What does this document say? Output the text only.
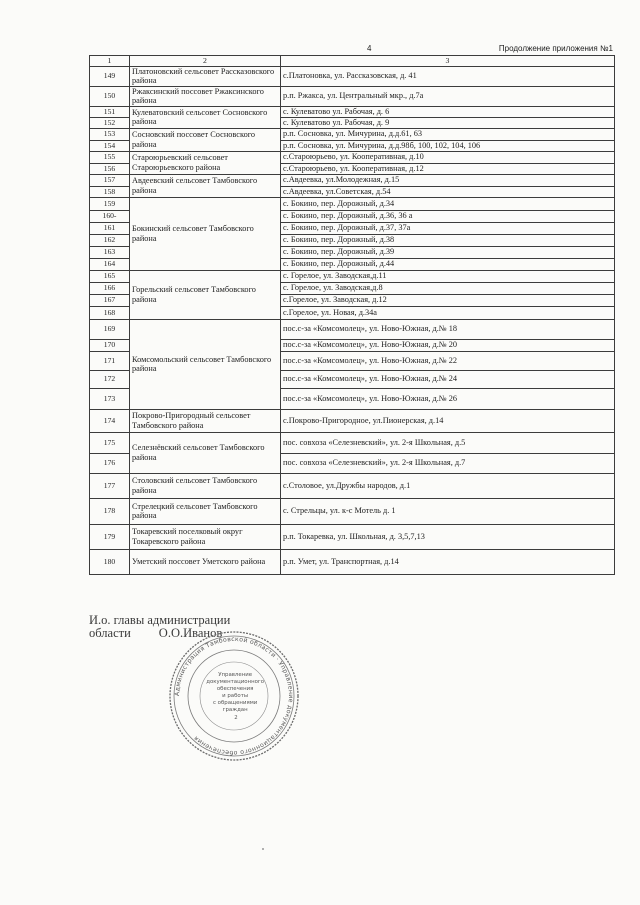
4	Продолжение приложения №1
1	2	3
149	Платоновский сельсовет Рассказовского района	с.Платоновка, ул. Рассказовская, д. 41
150	Ржаксинский поссовет Ржаксинского района	р.п. Ржакса, ул. Центральный мкр., д.7а
151	Кулеватовский сельсовет Сосновского района	с. Кулеватово ул. Рабочая, д. 6
152		с. Кулеватово ул. Рабочая, д. 9
153	Сосновский поссовет Сосновского района	р.п. Сосновка, ул. Мичурина, д.д.61, 63
154		р.п. Сосновка, ул. Мичурина, д.д.98б, 100, 102, 104, 106
155	Староюрьевский сельсовет Староюрьевского района	с.Староюрьево, ул. Кооперативная, д.10
156		с.Староюрьево, ул. Кооперативная, д.12
157	Авдеевский сельсовет Тамбовского района	с.Авдеевка, ул.Молодежная, д.15
158		с.Авдеевка, ул.Советская, д.54
159	Бокинский сельсовет Тамбовского района	с. Бокино, пер. Дорожный, д.34
160-		с. Бокино, пер. Дорожный, д.36, 36 а
161		с. Бокино, пер. Дорожный, д.37, 37а
162		с. Бокино, пер. Дорожный, д.38
163		с. Бокино, пер. Дорожный, д.39
164		с. Бокино, пер. Дорожный, д.44
165	Горельский сельсовет Тамбовского района	с. Горелое, ул. Заводская,д.11
166		с. Горелое, ул. Заводская,д.8
167		с.Горелое, ул. Заводская, д.12
168		с.Горелое, ул. Новая, д.34а
169	Комсомольский сельсовет Тамбовского района	пос.с-за «Комсомолец», ул. Ново-Южная, д.№ 18
170		пос.с-за «Комсомолец», ул. Ново-Южная, д.№ 20
171		пос.с-за «Комсомолец», ул. Ново-Южная, д.№ 22
172		пос.с-за «Комсомолец», ул. Ново-Южная, д.№ 24
173		пос.с-за «Комсомолец», ул. Ново-Южная, д.№ 26
174	Покрово-Пригородный сельсовет Тамбовского района	с.Покрово-Пригородное, ул.Пионерская, д.14
175	Селезнёвский сельсовет Тамбовского района	пос. совхоза «Селезневский», ул. 2-я Школьная, д.5
176		пос. совхоза «Селезневский», ул. 2-я Школьная, д.7
177	Столовский сельсовет Тамбовского района	с.Столовое, ул.Дружбы народов, д.1
178	Стрелецкий сельсовет Тамбовского района	с. Стрельцы, ул. к-с Мотель д. 1
179	Токаревский поселковый округ Токаревского района	р.п. Токаревка, ул. Школьная, д. 3,5,7,13
180	Уметский поссовет Уметского района	р.п. Умет, ул. Транспортная, д.14
И.о. главы администрации
области О.О.Иванов
Администрация Тамбовской области · Управление документационного обеспечения
Управление документационного обеспечения и работы с обращениями граждан 2
